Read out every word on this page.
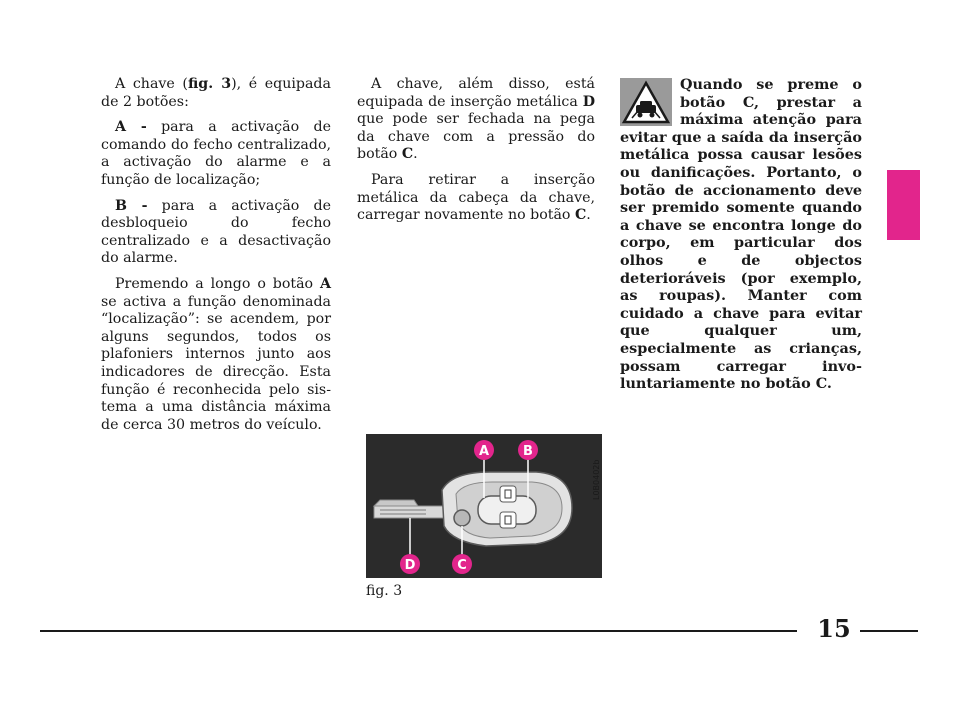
A chave (fig. 3), é equipada de 2 botões:

A - para a activação de comando do fecho centralizado, a activação do alarme e a função de localização;

B - para a activação de desbloqueio do fecho centralizado e a desactivação do alarme.

Premendo a longo o botão A se activa a função denominada “localização”: se acendem, por alguns segundos, todos os plafoniers internos junto aos indicadores de direcção. Esta função é reconhecida pelo sistema a uma distância máxima de cerca 30 metros do veículo.

A chave, além disso, está equipada de inserção metálica D que pode ser fechada na pega da chave com a pressão do botão C.

Para retirar a inserção metálica da cabeça da chave, carregar novamente no botão C.

Quando se preme o botão C, prestar a máxima atenção para evitar que a saída da inserção metálica possa causar lesões ou danificações. Portanto, o botão de accionamento deve ser premido somente quando a chave se encontra longe do corpo, em particular dos olhos e de objectos deterioráveis (por exemplo, as roupas). Manter com cuidado a chave para evitar que qualquer um, especialmente as crianças, possam carregar involuntariamente no botão C.
A	B
C
D
L0B0402b
fig. 3
15
